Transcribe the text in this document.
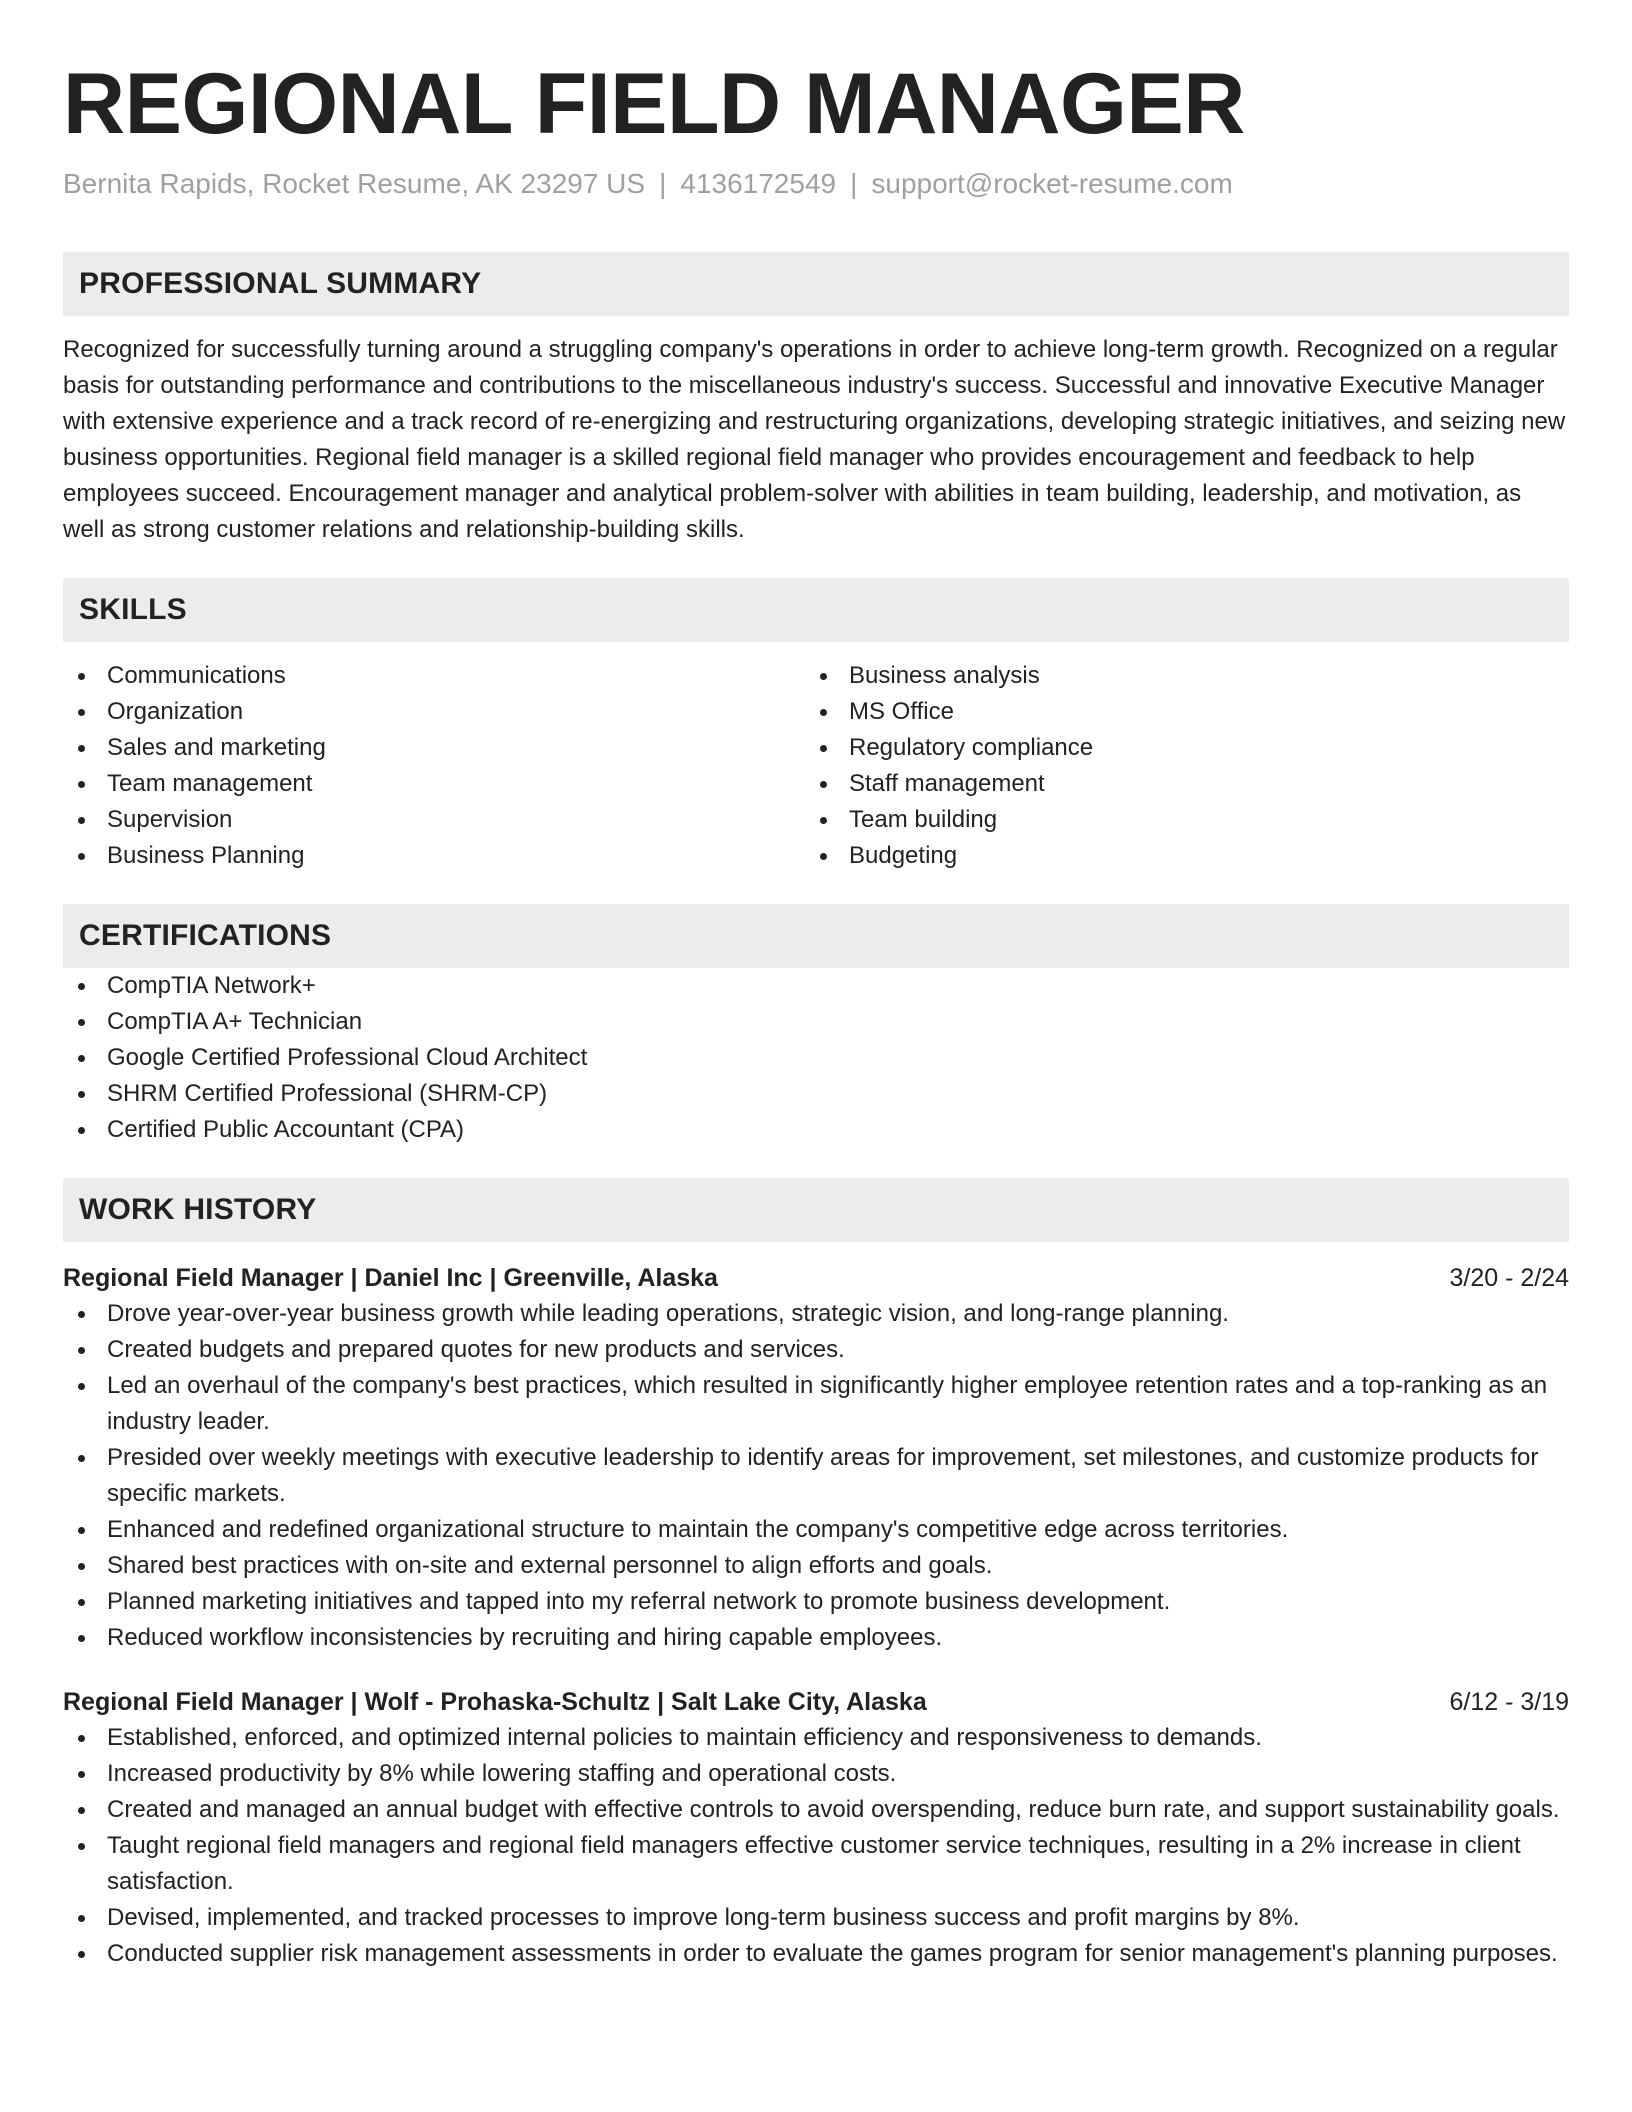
REGIONAL FIELD MANAGER
Bernita Rapids, Rocket Resume, AK 23297 US | 4136172549 | support@rocket-resume.com
PROFESSIONAL SUMMARY
Recognized for successfully turning around a struggling company's operations in order to achieve long-term growth. Recognized on a regular basis for outstanding performance and contributions to the miscellaneous industry's success. Successful and innovative Executive Manager with extensive experience and a track record of re-energizing and restructuring organizations, developing strategic initiatives, and seizing new business opportunities. Regional field manager is a skilled regional field manager who provides encouragement and feedback to help employees succeed. Encouragement manager and analytical problem-solver with abilities in team building, leadership, and motivation, as well as strong customer relations and relationship-building skills.
SKILLS
Communications
Organization
Sales and marketing
Team management
Supervision
Business Planning
Business analysis
MS Office
Regulatory compliance
Staff management
Team building
Budgeting
CERTIFICATIONS
CompTIA Network+
CompTIA A+ Technician
Google Certified Professional Cloud Architect
SHRM Certified Professional (SHRM-CP)
Certified Public Accountant (CPA)
WORK HISTORY
Regional Field Manager | Daniel Inc | Greenville, Alaska	3/20 - 2/24
Drove year-over-year business growth while leading operations, strategic vision, and long-range planning.
Created budgets and prepared quotes for new products and services.
Led an overhaul of the company's best practices, which resulted in significantly higher employee retention rates and a top-ranking as an industry leader.
Presided over weekly meetings with executive leadership to identify areas for improvement, set milestones, and customize products for specific markets.
Enhanced and redefined organizational structure to maintain the company's competitive edge across territories.
Shared best practices with on-site and external personnel to align efforts and goals.
Planned marketing initiatives and tapped into my referral network to promote business development.
Reduced workflow inconsistencies by recruiting and hiring capable employees.
Regional Field Manager | Wolf - Prohaska-Schultz | Salt Lake City, Alaska	6/12 - 3/19
Established, enforced, and optimized internal policies to maintain efficiency and responsiveness to demands.
Increased productivity by 8% while lowering staffing and operational costs.
Created and managed an annual budget with effective controls to avoid overspending, reduce burn rate, and support sustainability goals.
Taught regional field managers and regional field managers effective customer service techniques, resulting in a 2% increase in client satisfaction.
Devised, implemented, and tracked processes to improve long-term business success and profit margins by 8%.
Conducted supplier risk management assessments in order to evaluate the games program for senior management's planning purposes.
